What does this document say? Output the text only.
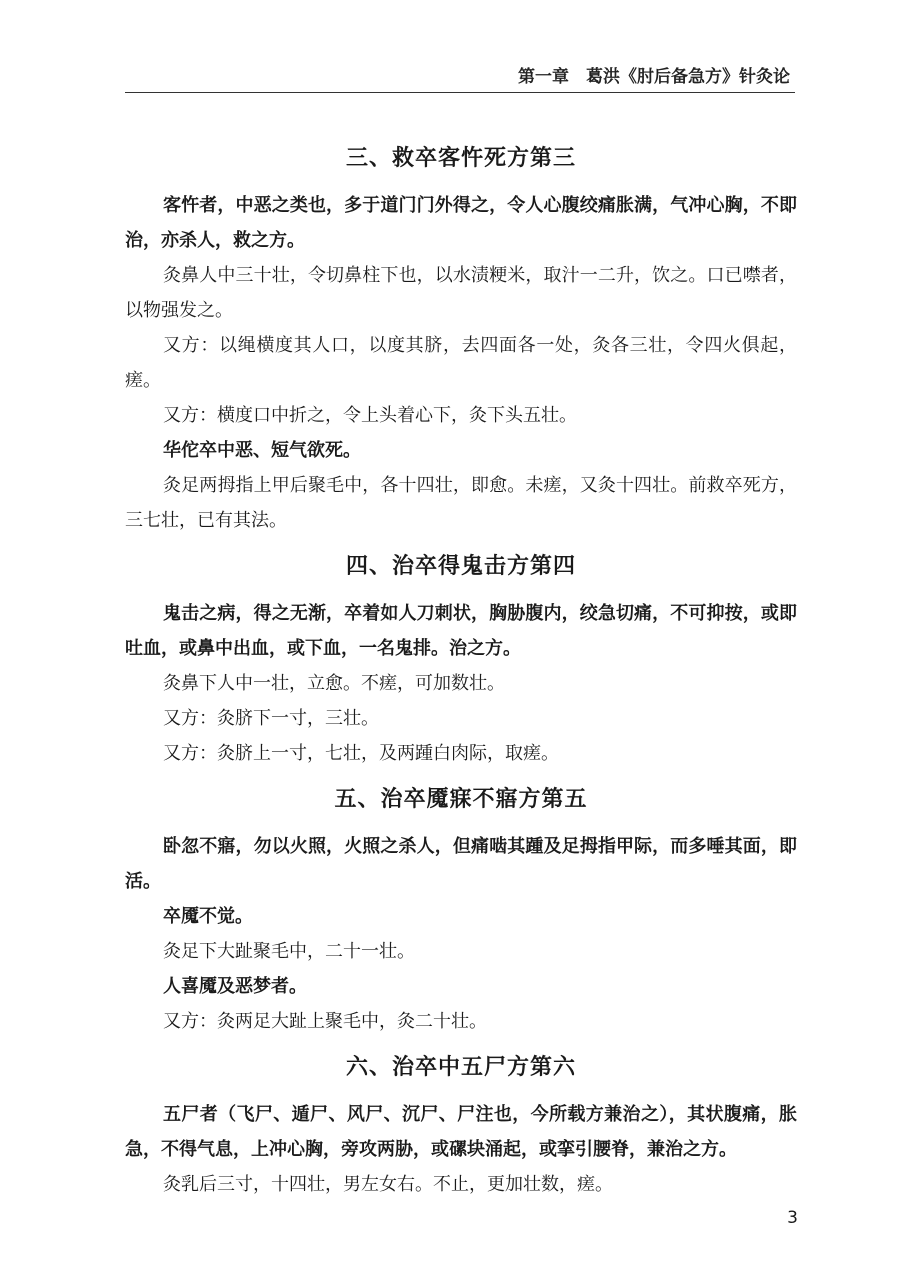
第一章　葛洪《肘后备急方》针灸论
三、救卒客忤死方第三

客忤者，中恶之类也，多于道门门外得之，令人心腹绞痛胀满，气冲心胸，不即治，亦杀人，救之方。

灸鼻人中三十壮，令切鼻柱下也，以水渍粳米，取汁一二升，饮之。口已噤者，以物强发之。

又方：以绳横度其人口，以度其脐，去四面各一处，灸各三壮，令四火俱起，瘥。

又方：横度口中折之，令上头着心下，灸下头五壮。

华佗卒中恶、短气欲死。

灸足两拇指上甲后聚毛中，各十四壮，即愈。未瘥，又灸十四壮。前救卒死方，三七壮，已有其法。

四、治卒得鬼击方第四

鬼击之病，得之无渐，卒着如人刀刺状，胸胁腹内，绞急切痛，不可抑按，或即吐血，或鼻中出血，或下血，一名鬼排。治之方。

灸鼻下人中一壮，立愈。不瘥，可加数壮。

又方：灸脐下一寸，三壮。

又方：灸脐上一寸，七壮，及两踵白肉际，取瘥。

五、治卒魇寐不寤方第五

卧忽不寤，勿以火照，火照之杀人，但痛啮其踵及足拇指甲际，而多唾其面，即活。

卒魇不觉。

灸足下大趾聚毛中，二十一壮。

人喜魇及恶梦者。

又方：灸两足大趾上聚毛中，灸二十壮。

六、治卒中五尸方第六

五尸者（飞尸、遁尸、风尸、沉尸、尸注也，今所载方兼治之），其状腹痛，胀急，不得气息，上冲心胸，旁攻两胁，或磥块涌起，或挛引腰脊，兼治之方。

灸乳后三寸，十四壮，男左女右。不止，更加壮数，瘥。

3
